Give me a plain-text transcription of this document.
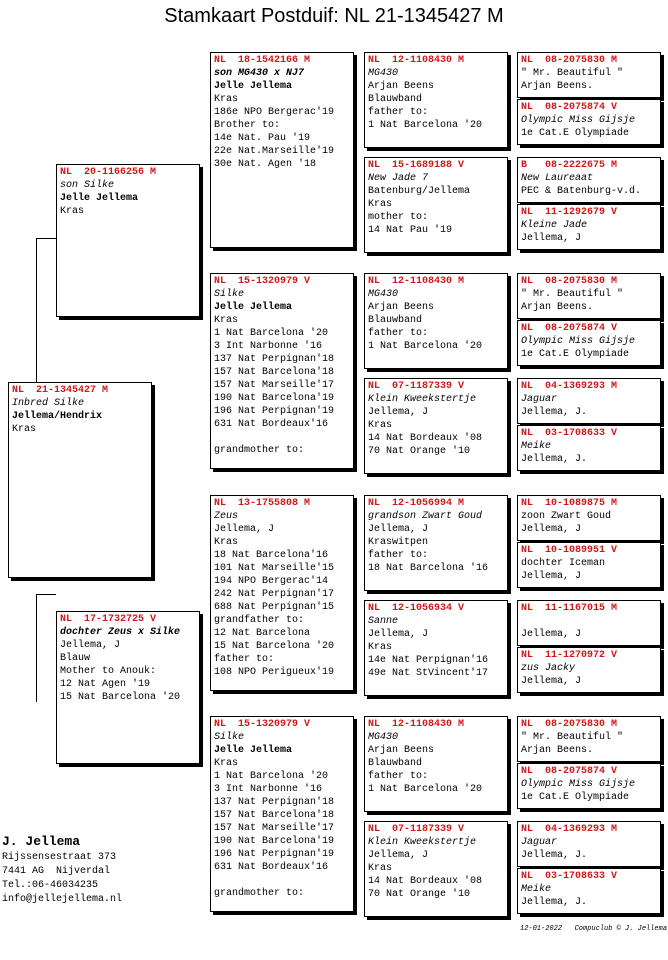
Stamkaart Postduif: NL 21-1345427 M
NL  21-1345427 M
Inbred Silke
Jellema/Hendrix
Kras
NL  20-1166256 M
son Silke
Jelle Jellema
Kras
NL  17-1732725 V
dochter Zeus x Silke
Jellema, J
Blauw
Mother to Anouk:
12 Nat Agen '19
15 Nat Barcelona '20
NL  18-1542166 M
son MG430 x NJ7
Jelle Jellema
Kras
186e NPO Bergerac'19
Brother to:
14e Nat. Pau '19
22e Nat.Marseille'19
30e Nat. Agen '18
NL  15-1320979 V
Silke
Jelle Jellema
Kras
1 Nat Barcelona '20
3 Int Narbonne '16
137 Nat Perpignan'18
157 Nat Barcelona'18
157 Nat Marseille'17
190 Nat Barcelona'19
196 Nat Perpignan'19
631 Nat Bordeaux'16

grandmother to:
NL  13-1755808 M
Zeus
Jellema, J
Kras
18 Nat Barcelona'16
101 Nat Marseille'15
194 NPO Bergerac'14
242 Nat Perpignan'17
688 Nat Perpignan'15
grandfather to:
12 Nat Barcelona
15 Nat Barcelona '20
father to:
108 NPO Perigueux'19
NL  15-1320979 V
Silke
Jelle Jellema
Kras
1 Nat Barcelona '20
3 Int Narbonne '16
137 Nat Perpignan'18
157 Nat Barcelona'18
157 Nat Marseille'17
190 Nat Barcelona'19
196 Nat Perpignan'19
631 Nat Bordeaux'16

grandmother to:
NL  12-1108430 M
MG430
Arjan Beens
Blauwband
father to:
1 Nat Barcelona '20
NL  15-1689188 V
New Jade 7
Batenburg/Jellema
Kras
mother to:
14 Nat Pau '19
NL  12-1108430 M
MG430
Arjan Beens
Blauwband
father to:
1 Nat Barcelona '20
NL  07-1187339 V
Klein Kweekstertje
Jellema, J
Kras
14 Nat Bordeaux '08
70 Nat Orange '10
NL  12-1056994 M
grandson Zwart Goud
Jellema, J
Kraswitpen
father to:
18 Nat Barcelona '16
NL  12-1056934 V
Sanne
Jellema, J
Kras
14e Nat Perpignan'16
49e Nat StVincent'17
NL  12-1108430 M
MG430
Arjan Beens
Blauwband
father to:
1 Nat Barcelona '20
NL  07-1187339 V
Klein Kweekstertje
Jellema, J
Kras
14 Nat Bordeaux '08
70 Nat Orange '10
NL  08-2075830 M
" Mr. Beautiful "
Arjan Beens.
NL  08-2075874 V
Olympic Miss Gijsje
1e Cat.E Olympiade
B   08-2222675 M
New Laureaat
PEC & Batenburg-v.d.
NL  11-1292679 V
Kleine Jade
Jellema, J
NL  08-2075830 M
" Mr. Beautiful "
Arjan Beens.
NL  08-2075874 V
Olympic Miss Gijsje
1e Cat.E Olympiade
NL  04-1369293 M
Jaguar
Jellema, J.
NL  03-1708633 V
Meike
Jellema, J.
NL  10-1089875 M
zoon Zwart Goud
Jellema, J
NL  10-1089951 V
dochter Iceman
Jellema, J
NL  11-1167015 M

Jellema, J
NL  11-1270972 V
zus Jacky
Jellema, J
NL  08-2075830 M
" Mr. Beautiful "
Arjan Beens.
NL  08-2075874 V
Olympic Miss Gijsje
1e Cat.E Olympiade
NL  04-1369293 M
Jaguar
Jellema, J.
NL  03-1708633 V
Meike
Jellema, J.
J. Jellema
Rijssensestraat 373
7441 AG  Nijverdal
Tel.:06-46034235
info@jellejellema.nl
12-01-2022   Compuclub © J. Jellema
